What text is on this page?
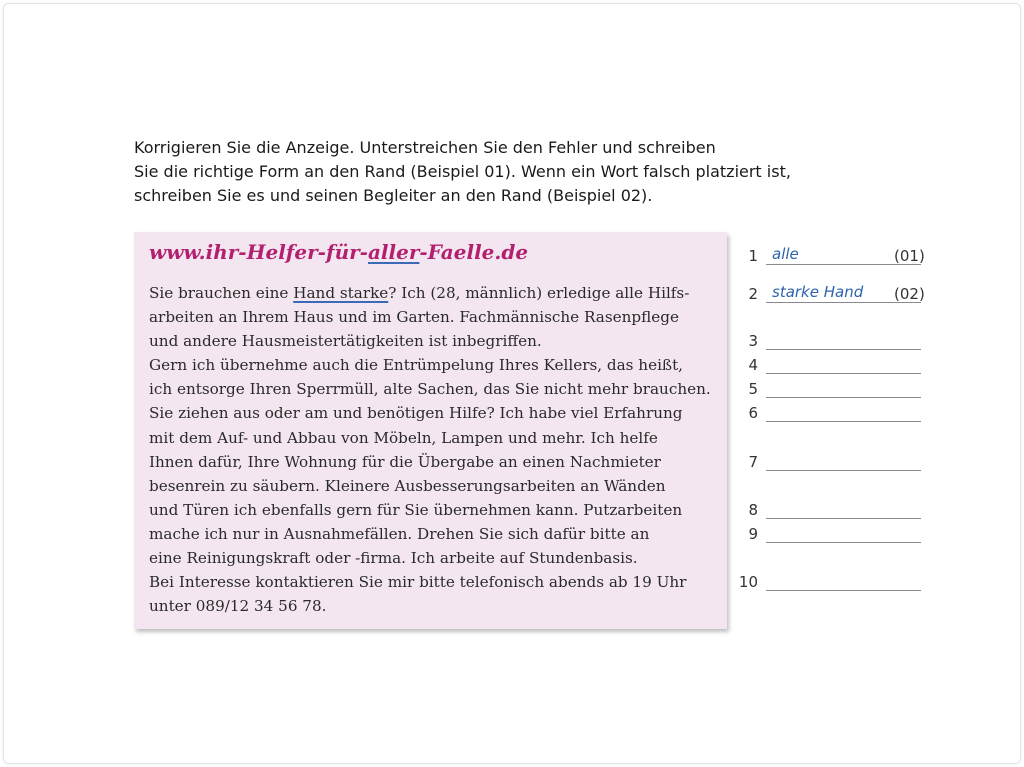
Korrigieren Sie die Anzeige. Unterstreichen Sie den Fehler und schreiben
Sie die richtige Form an den Rand (Beispiel 01). Wenn ein Wort falsch platziert ist,
schreiben Sie es und seinen Begleiter an den Rand (Beispiel 02).
www.ihr-Helfer-für-aller-Faelle.de
Sie brauchen eine Hand starke? Ich (28, männlich) erledige alle Hilfs-
arbeiten an Ihrem Haus und im Garten. Fachmännische Rasenpflege
und andere Hausmeistertätigkeiten ist inbegriffen.
Gern ich übernehme auch die Entrümpelung Ihres Kellers, das heißt,
ich entsorge Ihren Sperrmüll, alte Sachen, das Sie nicht mehr brauchen.
Sie ziehen aus oder am und benötigen Hilfe? Ich habe viel Erfahrung
mit dem Auf- und Abbau von Möbeln, Lampen und mehr. Ich helfe
Ihnen dafür, Ihre Wohnung für die Übergabe an einen Nachmieter
besenrein zu säubern. Kleinere Ausbesserungsarbeiten an Wänden
und Türen ich ebenfalls gern für Sie übernehmen kann. Putzarbeiten
mache ich nur in Ausnahmefällen. Drehen Sie sich dafür bitte an
eine Reinigungskraft oder -firma. Ich arbeite auf Stundenbasis.
Bei Interesse kontaktieren Sie mir bitte telefonisch abends ab 19 Uhr
unter 089/12 34 56 78.
1 alle	(01)
2 starke Hand (02)
3
4
5
6
7
8
9
10
